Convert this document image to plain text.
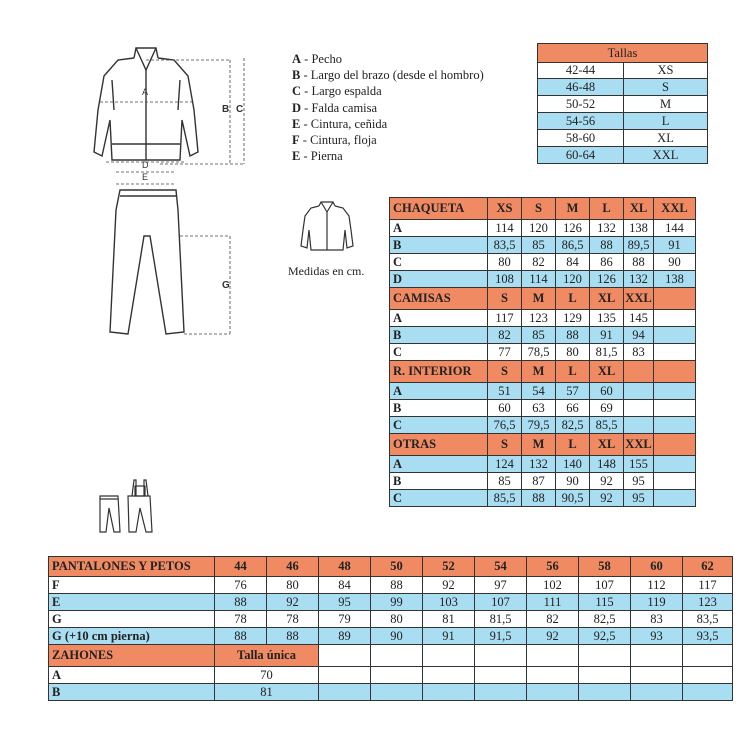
A
B C
D
E
G
A - Pecho
B - Largo del brazo (desde el hombro)
C - Largo espalda
D - Falda camisa
E - Cintura, ceñida
F - Cintura, floja
E - Pierna
Medidas en cm.
Tallas	
42-44	XS
46-48	S
50-52	M
54-56	L
58-60	XL
60-64	XXL
CHAQUETA	XS	S	M	L	XL	XXL
A	114	120	126	132	138	144
B	83,5	85	86,5	88	89,5	91
C	80	82	84	86	88	90
D	108	114	120	126	132	138
CAMISAS	S	M	L	XL	XXL	
A	117	123	129	135	145	
B	82	85	88	91	94	
C	77	78,5	80	81,5	83	
R. INTERIOR	S	M	L	XL		
A	51	54	57	60		
B	60	63	66	69		
C	76,5	79,5	82,5	85,5		
OTRAS	S	M	L	XL	XXL	
A	124	132	140	148	155	
B	85	87	90	92	95	
C	85,5	88	90,5	92	95	
PANTALONES Y PETOS	44	46	48	50	52	54	56	58	60	62
F	76	80	84	88	92	97	102	107	112	117
E	88	92	95	99	103	107	111	115	119	123
G	78	78	79	80	81	81,5	82	82,5	83	83,5
G (+10 cm pierna)	88	88	89	90	91	91,5	92	92,5	93	93,5
ZAHONES	Talla única									
A	70									
B	81									
